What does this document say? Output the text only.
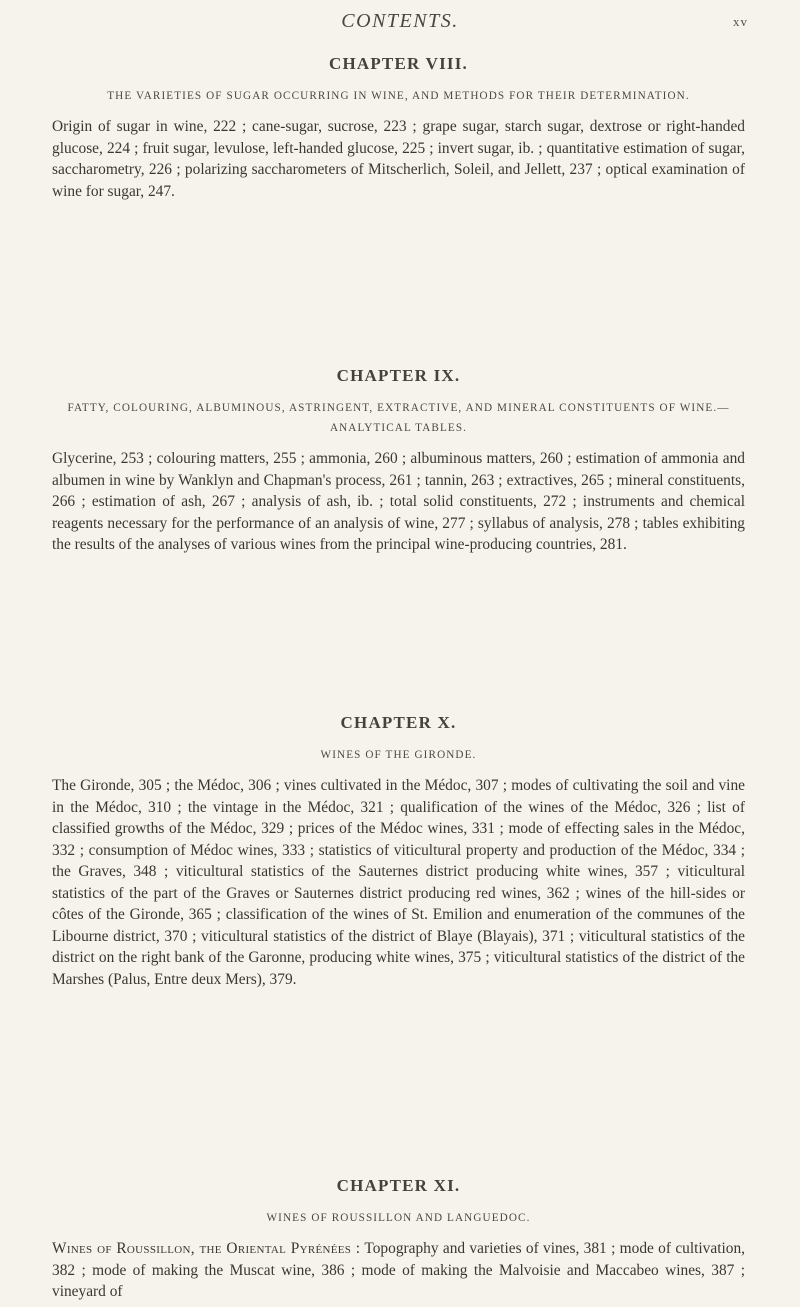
CONTENTS.	xv
CHAPTER VIII.

THE VARIETIES OF SUGAR OCCURRING IN WINE, AND METHODS FOR THEIR DETERMINATION.

Origin of sugar in wine, 222 ; cane-sugar, sucrose, 223 ; grape sugar, starch sugar, dextrose or right-handed glucose, 224 ; fruit sugar, levulose, left-handed glucose, 225 ; invert sugar, ib. ; quantitative estimation of sugar, saccharometry, 226 ; polarizing saccharometers of Mitscherlich, Soleil, and Jellett, 237 ; optical examination of wine for sugar, 247.

CHAPTER IX.

FATTY, COLOURING, ALBUMINOUS, ASTRINGENT, EXTRACTIVE, AND MINERAL CONSTITUENTS OF WINE.—ANALYTICAL TABLES.

Glycerine, 253 ; colouring matters, 255 ; ammonia, 260 ; albuminous matters, 260 ; estimation of ammonia and albumen in wine by Wanklyn and Chapman's process, 261 ; tannin, 263 ; extractives, 265 ; mineral constituents, 266 ; estimation of ash, 267 ; analysis of ash, ib. ; total solid constituents, 272 ; instruments and chemical reagents necessary for the performance of an analysis of wine, 277 ; syllabus of analysis, 278 ; tables exhibiting the results of the analyses of various wines from the principal wine-producing countries, 281.

CHAPTER X.

WINES OF THE GIRONDE.

The Gironde, 305 ; the Médoc, 306 ; vines cultivated in the Médoc, 307 ; modes of cultivating the soil and vine in the Médoc, 310 ; the vintage in the Médoc, 321 ; qualification of the wines of the Médoc, 326 ; list of classified growths of the Médoc, 329 ; prices of the Médoc wines, 331 ; mode of effecting sales in the Médoc, 332 ; consumption of Médoc wines, 333 ; statistics of viticultural property and production of the Médoc, 334 ; the Graves, 348 ; viticultural statistics of the Sauternes district producing white wines, 357 ; viticultural statistics of the part of the Graves or Sauternes district producing red wines, 362 ; wines of the hill-sides or côtes of the Gironde, 365 ; classification of the wines of St. Emilion and enumeration of the communes of the Libourne district, 370 ; viticultural statistics of the district of Blaye (Blayais), 371 ; viticultural statistics of the district on the right bank of the Garonne, producing white wines, 375 ; viticultural statistics of the district of the Marshes (Palus, Entre deux Mers), 379.

CHAPTER XI.

WINES OF ROUSSILLON AND LANGUEDOC.

Wines of Roussillon, the Oriental Pyrénées : Topography and varieties of vines, 381 ; mode of cultivation, 382 ; mode of making the Muscat wine, 386 ; mode of making the Malvoisie and Maccabeo wines, 387 ; vineyard of
